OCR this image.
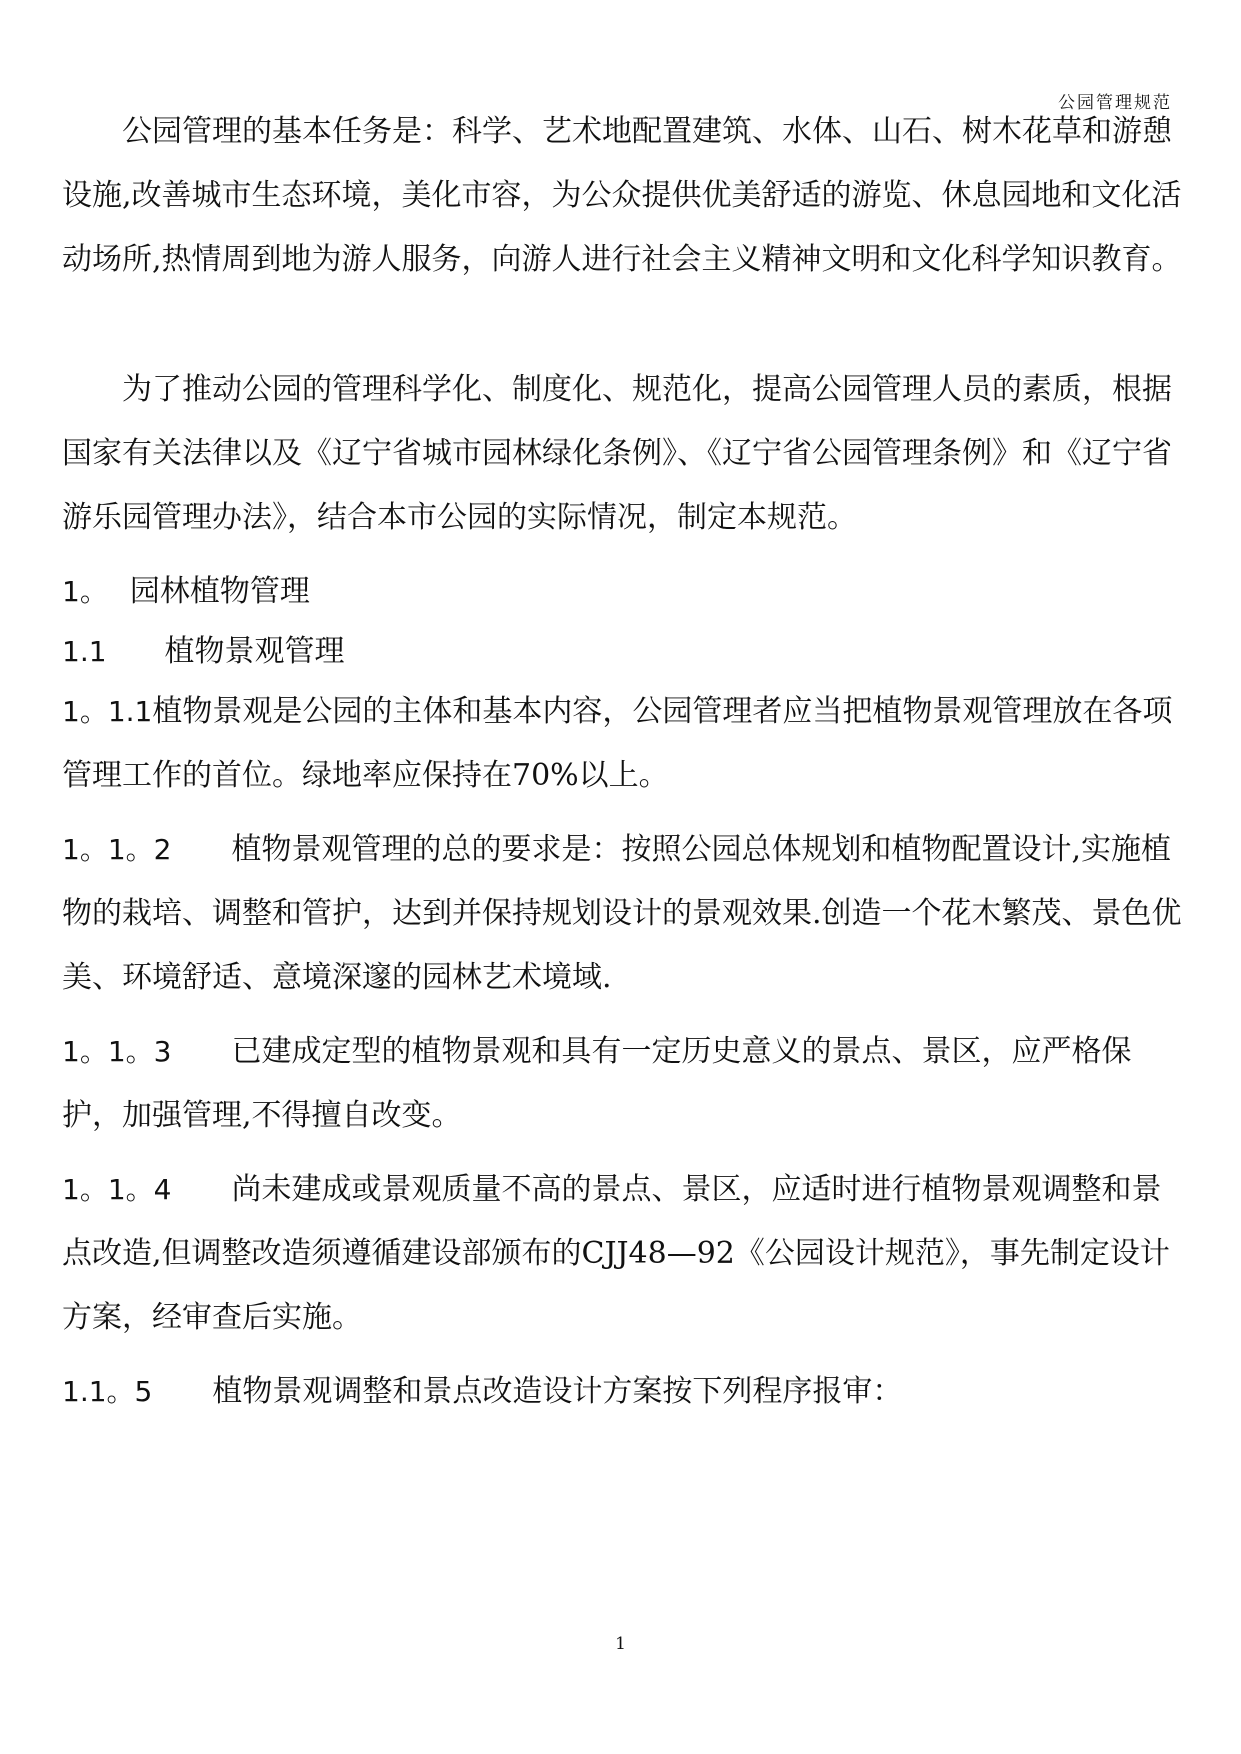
公园管理规范
公园管理的基本任务是：科学、艺术地配置建筑、水体、山石、树木花草和游憩设施,改善城市生态环境，美化市容，为公众提供优美舒适的游览、休息园地和文化活动场所,热情周到地为游人服务，向游人进行社会主义精神文明和文化科学知识教育。
为了推动公园的管理科学化、制度化、规范化，提高公园管理人员的素质，根据国家有关法律以及《辽宁省城市园林绿化条例》、《辽宁省公园管理条例》和《辽宁省游乐园管理办法》，结合本市公园的实际情况，制定本规范。
1。 园林植物管理
1.1 植物景观管理
1。1.1植物景观是公园的主体和基本内容，公园管理者应当把植物景观管理放在各项管理工作的首位。绿地率应保持在70%以上。
1。1。2 植物景观管理的总的要求是：按照公园总体规划和植物配置设计,实施植物的栽培、调整和管护，达到并保持规划设计的景观效果.创造一个花木繁茂、景色优美、环境舒适、意境深邃的园林艺术境域.
1。1。3 已建成定型的植物景观和具有一定历史意义的景点、景区，应严格保护，加强管理,不得擅自改变。
1。1。4 尚未建成或景观质量不高的景点、景区，应适时进行植物景观调整和景点改造,但调整改造须遵循建设部颁布的CJJ48—92《公园设计规范》，事先制定设计方案，经审查后实施。
1.1。5 植物景观调整和景点改造设计方案按下列程序报审：
1
